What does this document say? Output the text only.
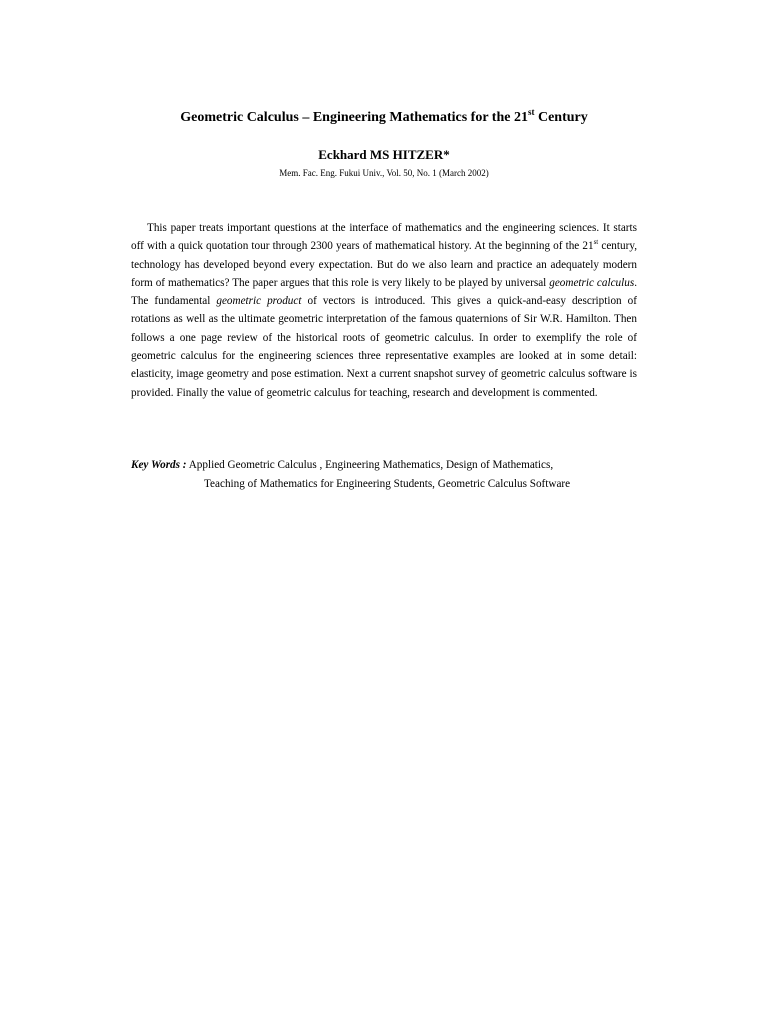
Geometric Calculus – Engineering Mathematics for the 21st Century

Eckhard MS HITZER*

Mem. Fac. Eng. Fukui Univ., Vol. 50, No. 1 (March 2002)

This paper treats important questions at the interface of mathematics and the engineering sciences. It starts off with a quick quotation tour through 2300 years of mathematical history. At the beginning of the 21st century, technology has developed beyond every expectation. But do we also learn and practice an adequately modern form of mathematics? The paper argues that this role is very likely to be played by universal geometric calculus. The fundamental geometric product of vectors is introduced. This gives a quick-and-easy description of rotations as well as the ultimate geometric interpretation of the famous quaternions of Sir W.R. Hamilton. Then follows a one page review of the historical roots of geometric calculus. In order to exemplify the role of geometric calculus for the engineering sciences three representative examples are looked at in some detail: elasticity, image geometry and pose estimation. Next a current snapshot survey of geometric calculus software is provided. Finally the value of geometric calculus for teaching, research and development is commented.

Key Words : Applied Geometric Calculus , Engineering Mathematics, Design of Mathematics,
Teaching of Mathematics for Engineering Students, Geometric Calculus Software
